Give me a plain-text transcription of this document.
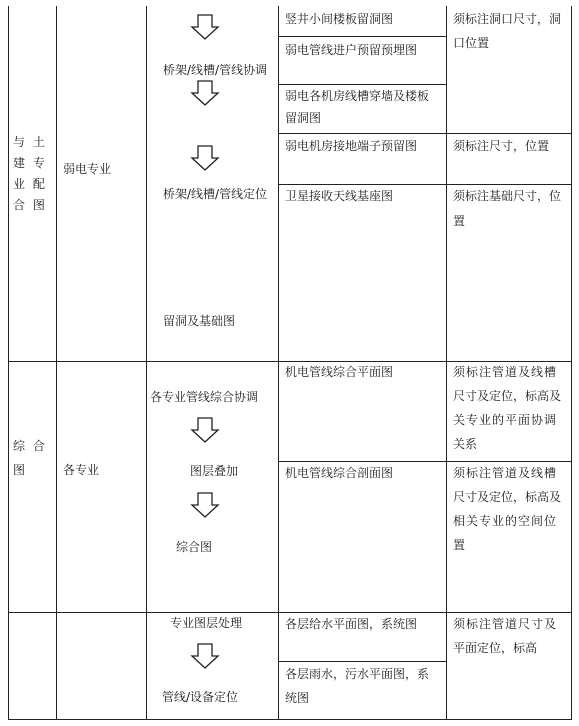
与 土
建 专
业 配
合 图
弱电专业
桥架/线槽/管线协调
桥架/线槽/管线定位
留洞及基础图
竖井小间楼板留洞图
弱电管线进户预留预埋图
弱电各机房线槽穿墙及楼板
留洞图
弱电机房接地端子预留图
卫星接收天线基座图
须标注洞口尺寸，洞
口位置
须标注尺寸，位置
须标注基础尺寸，位
置
综 合
图	各专业
各专业管线综合协调
图层叠加
综合图
机电管线综合平面图
机电管线综合剖面图
须标注管道及线槽
尺寸及定位，标高及
关专业的平面协调
关系
须标注管道及线槽
尺寸及定位，标高及
相关专业的空间位
置
专业图层处理
管线/设备定位
各层给水平面图，系统图
各层雨水，污水平面图，系
统图
须标注管道尺寸及
平面定位，标高
